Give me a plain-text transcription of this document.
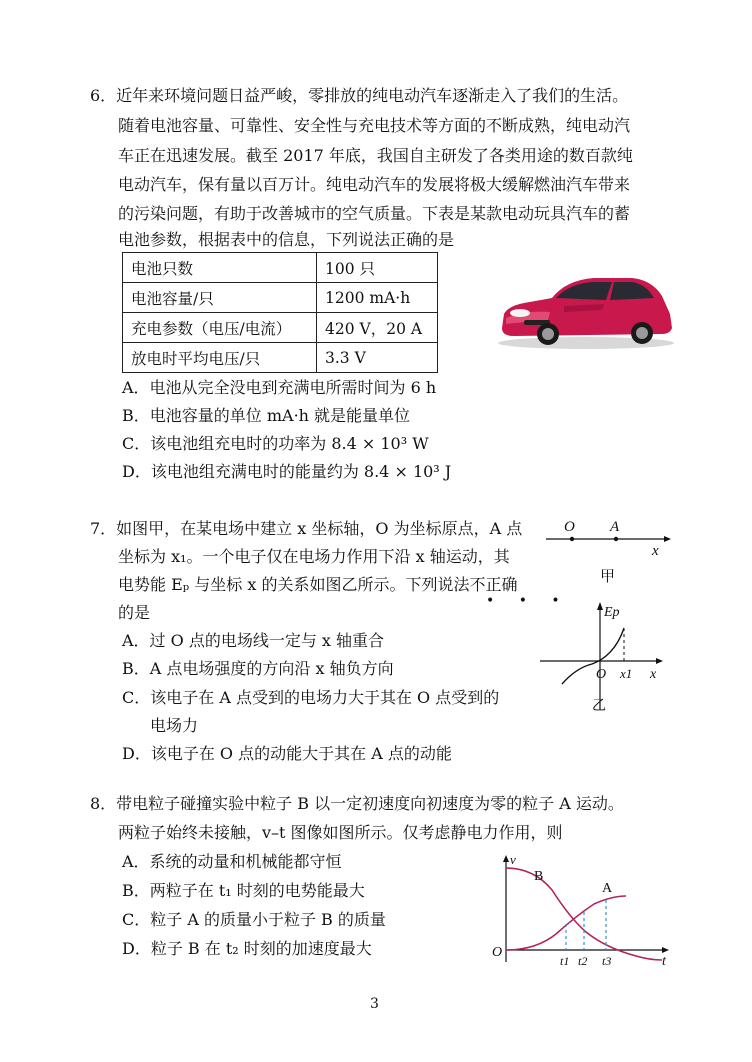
6．近年来环境问题日益严峻，零排放的纯电动汽车逐渐走入了我们的生活。
随着电池容量、可靠性、安全性与充电技术等方面的不断成熟，纯电动汽
车正在迅速发展。截至 2017 年底，我国自主研发了各类用途的数百款纯
电动汽车，保有量以百万计。纯电动汽车的发展将极大缓解燃油汽车带来
的污染问题，有助于改善城市的空气质量。下表是某款电动玩具汽车的蓄
电池参数，根据表中的信息，下列说法正确的是
电池只数	100 只
电池容量/只	1200 mA·h
充电参数（电压/电流）	420 V，20 A
放电时平均电压/只	3.3 V
A．电池从完全没电到充满电所需时间为 6 h
B．电池容量的单位 mA·h 就是能量单位
C．该电池组充电时的功率为 8.4 × 10³ W
D．该电池组充满电时的能量约为 8.4 × 10³ J
7．如图甲，在某电场中建立 x 坐标轴，O 为坐标原点，A 点
坐标为 x₁。一个电子仅在电场力作用下沿 x 轴运动，其
电势能 Eₚ 与坐标 x 的关系如图乙所示。下列说法不正确
• • •
的是
A．过 O 点的电场线一定与 x 轴重合
B．A 点电场强度的方向沿 x 轴负方向
C．该电子在 A 点受到的电场力大于其在 O 点受到的
电场力
D．该电子在 O 点的动能大于其在 A 点的动能
O A
x
甲
Ep
O x1 x
乙
8．带电粒子碰撞实验中粒子 B 以一定初速度向初速度为零的粒子 A 运动。
两粒子始终未接触，v–t 图像如图所示。仅考虑静电力作用，则
A．系统的动量和机械能都守恒
B．两粒子在 t₁ 时刻的电势能最大
C．粒子 A 的质量小于粒子 B 的质量
D．粒子 B 在 t₂ 时刻的加速度最大
v
B
A
O
t1 t2 t3	t
3
